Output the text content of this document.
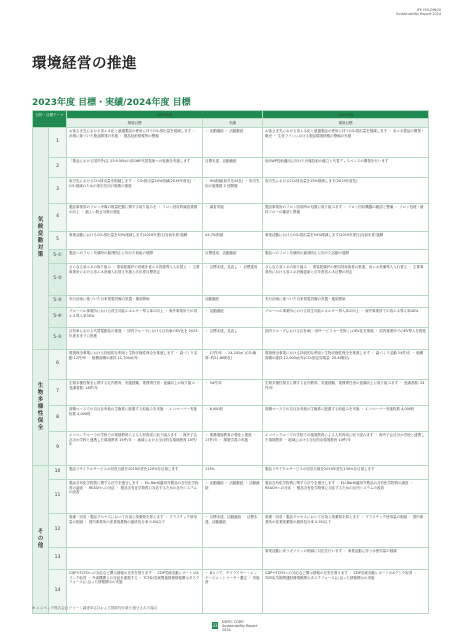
JFE HOLDINGS
Sustainability Report 2024
環境経営の推進
2023年度 目標・実績/2024年度 目標
目的・目標テーマ		2023年度		2024年度
		環境目標	実績	環境目標
気候変動対策	1	お客さま先における省エネ化と最適製品の使用に伴うCO₂排出量を削減します ・ 計測に基づいた製品開発の実施 ・ 製品技術情報等の整備	・ 活動継続 ・ 活動継続	お客さま先における省エネ化と最適製品の使用に伴うCO₂排出量を削減します ・ 省エネ製品の開発・販売 ・ 生産ラインにおける製品環境情報の整備の実施
	2	「製品における国内外(注 23.9.50t)の省GWP代替技術への転換を実施します	目標未達、活動継続	低GWP技術適用に向けた冷媒技術の確立と代替ディスペンスの開発を行います
	3	取引先におけるCO₂排出量を削減します ・ CO₂排出量10%削減(2019年度比) ・ CO₂削減のための取引先向け施策の推進	・ 9%削減(取引先45社) ・ 取引先向け施策数 2 回開催	取引先におけるCO₂排出量を15%削減します(2019年度比)
	4	製品事業所のフロン冷媒の数量把握に関する取り組みを ・ フロン回収時調査業務の向上 ・ 漏えい防止対策の強化	・ 調査実施	製品事業所のフロン回収時の処置に取り組みます ・ フロン回収機器の確認と整備 ・ フロン処理・最終フローの確認と整備
	5	事業活動におけるCO₂排出量を53%削減します(2019年度比)対前年度:過剰	43.7%削減	事業活動におけるCO₂排出量を54%削減します(2019年度比)対前年度:過剰
	5-①	製品へのフロン充填時の漏洩防止に向けた取組の展開	目標達成、活動継続	製品へのフロン充填時の漏洩防止に向けた活動の展開
	5-②	さらなる省エネの取り組み ・ 塗装乾燥炉の設備を省エネ設備導入入れ替え ・ 主要事業所における省エネ設備入れ替え実施と次年度目標設定	・ 目標未達、見直し ・ 目標達成	さらなる省エネの取り組み ・ 塗装乾燥炉の使用効率改善の推進、省エネ設備導入入れ替え ・ 主要事業所における省エネ設備更新と次年度省エネ目標の設定
	5-③	実行計画に基づいた自家発電設備の設置・運用開始	活動継続	実行計画に基づいた自家発電設備の設置・運用開始
	5-④	グローバル事業所における再生可能エネルギー導入率の向上 ・ 海外事業所での再エネ導入率30%	・ 活動継続	グローバル事業所における再生可能エネルギー導入率の向上 ・ 海外事業所での再エネ導入率40%
	5-⑤	社有車における代替電動化の推進 ・ 国内グループにおける社有車のEV化を 2025年度末までに推進	・ 目標未達、見直し	国内グループにおける社有車(一部サービスカーを除く)のEV化を推進 ・ 国内事業所でのEV導入を推進
生物多様性保全	6	環境保全事業における持続的な利用と生物多様性保全を推進します ・ 森づくり活動 12件/年 ・ 植樹面積の維持 11,700㎡/年	・ 17件/年 ・ 24,202㎡ (CO₂換算: 約21.8t吸収)	環境保全事業における持続的な利用と生物多様性保全を推進します ・ 森づくり活動 14件/年 ・ 植樹面積の維持 12,000㎡/年(CO₂固定効果量: 25.4t吸収)
	7	生物多様性保全に関する社内教育、実施経験、業務責任者・意識向上の取り組み ・ 受講者数: 18件/年	・ 34件/年	生物多様性保全に関する社内教育、実施経験、業務責任者の意識向上に取り組みます ・ 受講者数: 24件/年
	8	面積ベースでの自社社有地の生態系に配慮する取組みを実施 ・ エコペーパー実施枚数 4,000枚	・ 6,000枚	面積ベースでの自社社有地の生態系に配慮する取組みを実施 ・ エコペーパー実施枚数 4,000枚
	9	エコペンクルーでの学校での環境教育による人材育成に取り組みます ・ 海外子会社ほか学校と連携した環境教育 15件/年 ・ 地域における全社的な環境教育 10件/年	・ 業務環境教育の強化と推進 ・ 17件/年 ・ 環境学習の実施	エコペンクルーでの学校での環境教育による人材育成に取り組みます ・ 海外子会社ほか学校と連携した環境教育 ・ 地域における全社的な環境教育 10件/年
その他	10	製品リサイクルサービスの回収台数を2019年度比120%を目指します	115%	製品リサイクルサービスの回収台数を2019年度比135%を目指します
	11	製品含有化学物質に関する法令を遵守します ・ EU-RoHS適用外製品の含有化学物質の調査 ・ REACHへの対応 ・ 製品含有化学物質に対応するための社内システムの改善	・ 活動継続 ・ 活動継続 ・ 活動継続	製品含有化学物質に関する法令を遵守します ・ EU-RoHS適用外製品の含有化学物質の調査 ・ REACHへの対応 ・ 製品含有化学物質に対応するための社内システムの改善
	12	廃棄・回収・製品プロセスにおいて汚染と廃棄物を抑えます ・ プラスチック使用量の削減 ・ 国内事業所の産業廃棄物の最終処分率 0.5%以下	・ 目標未達、活動継続 ・ 目標未達、活動継続	廃棄・回収・製品プロセスにおいて汚染と廃棄物を抑えます ・ プラスチック使用量の削減 ・ 国内事業所の産業廃棄物の最終処分率 0.5%以下
	13			事業活動に伴うガソリンの削減に対応を行います ・ 事業活動に伴う水使用量の削減
	14	CDPやTCFDへの対応など開示情報の充実を図ります ・ CDP気候変動レポートのAランク取得 ・ 外部機関との対話を重視する ・ TCFD(気候関連財務情報開示タスクフォース)に沿った情報開示の実施	・ Bスコア、サプライヤー・エンゲージメントリーダー選定 ・ 実施済	CDPやTCFDへの対応など開示情報の充実を図ります ・ CDP気候変動レポートのAランク取得 ・ TCFD(気候関連財務情報開示タスクフォース)に沿った情報開示の実施

※ エスペック株式会社グリーン調達率(注)および国際性が最少遵守された場合

33
ESPEC CORP.
Sustainability Report
2024
